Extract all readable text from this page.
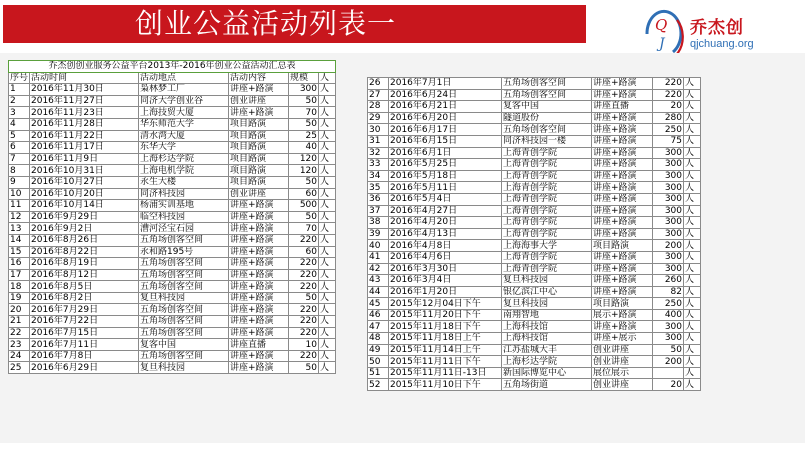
创业公益活动列表一	Q
J
乔杰创
qjchuang.org
乔杰创创业服务公益平台2013年-2016年创业公益活动汇总表					
序号	活动时间	活动地点	活动内容	规模	人
1	2016年11月30日	枭林梦工厂	讲座+路演	300	人
2	2016年11月27日	同济大学创业谷	创业讲座	50	人
3	2016年11月23日	上海技贸大厦	讲座+路演	70	人
4	2016年11月28日	华东师范大学	项目路演	50	人
5	2016年11月22日	清水湾大厦	项目路演	25	人
6	2016年11月17日	东华大学	项目路演	40	人
7	2016年11月9日	上海杉达学院	项目路演	120	人
8	2016年10月31日	上海电机学院	项目路演	120	人
9	2016年10月27日	永生大楼	项目路演	50	人
10	2016年10月20日	同济科技园	创业讲座	60	人
11	2016年10月14日	杨浦实训基地	讲座+路演	500	人
12	2016年9月29日	临空科技园	讲座+路演	50	人
13	2016年9月2日	漕河泾宝石园	讲座+路演	70	人
14	2016年8月26日	五角场创客空间	讲座+路演	220	人
15	2016年8月22日	永和路195号	讲座+路演	60	人
16	2016年8月19日	五角场创客空间	讲座+路演	220	人
17	2016年8月12日	五角场创客空间	讲座+路演	220	人
18	2016年8月5日	五角场创客空间	讲座+路演	220	人
19	2016年8月2日	复旦科技园	讲座+路演	50	人
20	2016年7月29日	五角场创客空间	讲座+路演	220	人
21	2016年7月22日	五角场创客空间	讲座+路演	220	人
22	2016年7月15日	五角场创客空间	讲座+路演	220	人
23	2016年7月11日	复客中国	讲座直播	10	人
24	2016年7月8日	五角场创客空间	讲座+路演	220	人
25	2016年6月29日	复旦科技园	讲座+路演	50	人
26	2016年7月1日	五角场创客空间	讲座+路演	220	人
27	2016年6月24日	五角场创客空间	讲座+路演	220	人
28	2016年6月21日	复客中国	讲座直播	20	人
29	2016年6月20日	隧道股份	讲座+路演	280	人
30	2016年6月17日	五角场创客空间	讲座+路演	250	人
31	2016年6月15日	同济科技园一楼	讲座+路演	75	人
32	2016年6月1日	上海青创学院	讲座+路演	300	人
33	2016年5月25日	上海青创学院	讲座+路演	300	人
34	2016年5月18日	上海青创学院	讲座+路演	300	人
35	2016年5月11日	上海青创学院	讲座+路演	300	人
36	2016年5月4日	上海青创学院	讲座+路演	300	人
37	2016年4月27日	上海青创学院	讲座+路演	300	人
38	2016年4月20日	上海青创学院	讲座+路演	300	人
39	2016年4月13日	上海青创学院	讲座+路演	300	人
40	2016年4月8日	上海海事大学	项目路演	200	人
41	2016年4月6日	上海青创学院	讲座+路演	300	人
42	2016年3月30日	上海青创学院	讲座+路演	300	人
43	2016年3月4日	复旦科技园	讲座+路演	260	人
44	2016年1月20日	银亿滨江中心	讲座+路演	82	人
45	2015年12月04日下午	复旦科技园	项目路演	250	人
46	2015年11月20日下午	南翔智地	展示+路演	400	人
47	2015年11月18日下午	上海科技馆	讲座+路演	300	人
48	2015年11月18日上午	上海科技馆	讲座+展示	300	人
49	2015年11月14日上午	江苏盐城大丰	创业讲座	50	人
50	2015年11月11日下午	上海杉达学院	创业讲座	200	人
51	2015年11月11日-13日	新国际博览中心	展位展示		人
52	2015年11月10日下午	五角场街道	创业讲座	20	人
